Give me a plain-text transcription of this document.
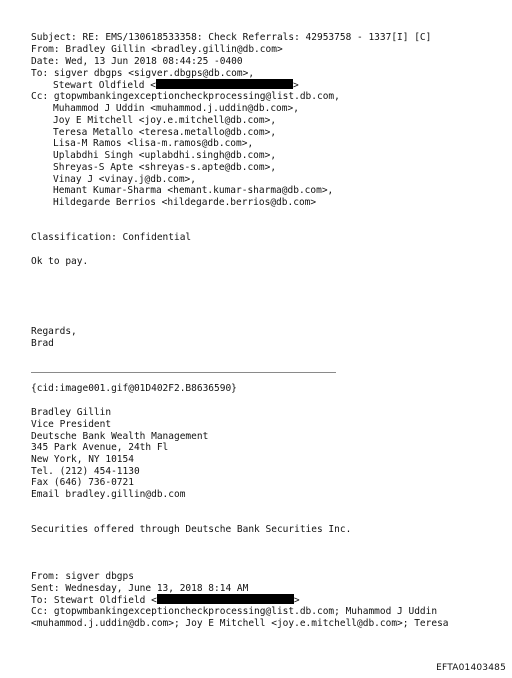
Subject: RE: EMS/130618533358: Check Referrals: 42953758 - 1337[I] [C]
From: Bradley Gillin <bradley.gillin@db.com>
Date: Wed, 13 Jun 2018 08:44:25 -0400
To: sigver dbgps <sigver.dbgps@db.com>,
Stewart Oldfield <	>
Cc: gtopwmbankingexceptioncheckprocessing@list.db.com,
Muhammod J Uddin <muhammod.j.uddin@db.com>,
Joy E Mitchell <joy.e.mitchell@db.com>,
Teresa Metallo <teresa.metallo@db.com>,
Lisa-M Ramos <lisa-m.ramos@db.com>,
Uplabdhi Singh <uplabdhi.singh@db.com>,
Shreyas-S Apte <shreyas-s.apte@db.com>,
Vinay J <vinay.j@db.com>,
Hemant Kumar-Sharma <hemant.kumar-sharma@db.com>,
Hildegarde Berrios <hildegarde.berrios@db.com>
Classification: Confidential
Ok to pay.
Regards,
Brad
{cid:image001.gif@01D402F2.B8636590}
Bradley Gillin
Vice President
Deutsche Bank Wealth Management
345 Park Avenue, 24th Fl
New York, NY 10154
Tel. (212) 454-1130
Fax (646) 736-0721
Email bradley.gillin@db.com
Securities offered through Deutsche Bank Securities Inc.
From: sigver dbgps
Sent: Wednesday, June 13, 2018 8:14 AM
To: Stewart Oldfield <	>
Cc: gtopwmbankingexceptioncheckprocessing@list.db.com; Muhammod J Uddin
<muhammod.j.uddin@db.com>; Joy E Mitchell <joy.e.mitchell@db.com>; Teresa
EFTA01403485
